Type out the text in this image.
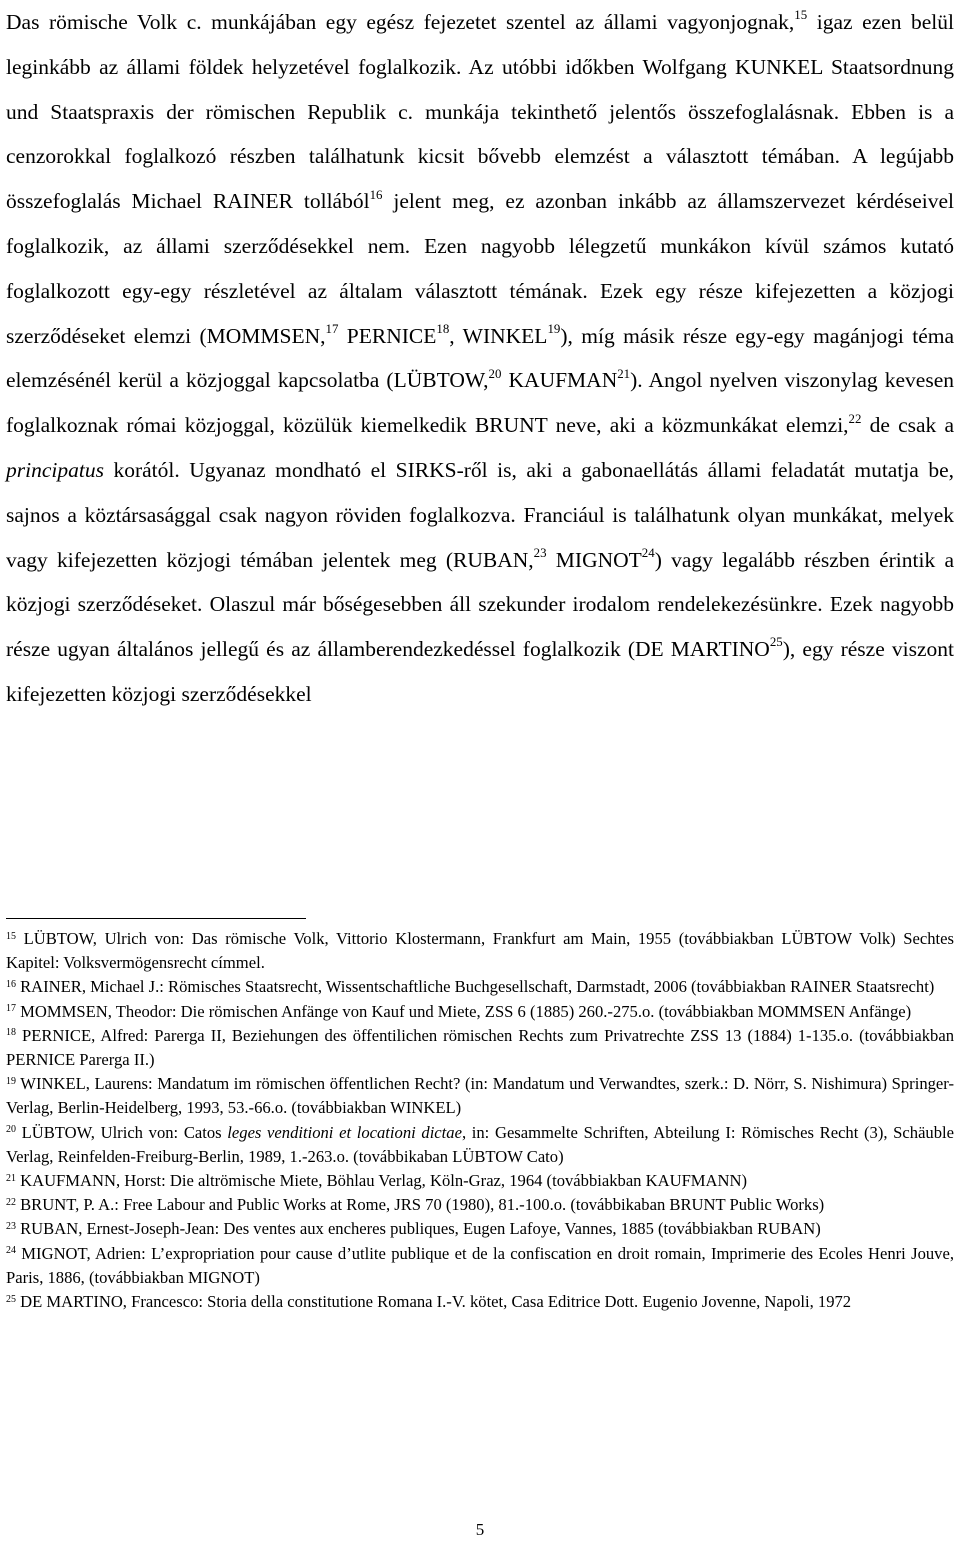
Das römische Volk c. munkájában egy egész fejezetet szentel az állami vagyonjognak,$^{15}$ igaz ezen belül leginkább az állami földek helyzetével foglalkozik. Az utóbbi időkben Wolfgang KUNKEL Staatsordnung und Staatspraxis der römischen Republik c. munkája tekinthető jelentős összefoglalásnak. Ebben is a cenzorokkal foglalkozó részben találhatunk kicsit bővebb elemzést a választott témában. A legújabb összefoglalás Michael RAINER tollából$^{16}$ jelent meg, ez azonban inkább az államszervezet kérdéseivel foglalkozik, az állami szerződésekkel nem. Ezen nagyobb lélegzetű munkákon kívül számos kutató foglalkozott egy-egy részletével az általam választott témának. Ezek egy része kifejezetten a közjogi szerződéseket elemzi (MOMMSEN,$^{17}$ PERNICE$^{18}$, WINKEL$^{19}$), míg másik része egy-egy magánjogi téma elemzésénél kerül a közjoggal kapcsolatba (LÜBTOW,$^{20}$ KAUFMAN$^{21}$). Angol nyelven viszonylag kevesen foglalkoznak római közjoggal, közülük kiemelkedik BRUNT neve, aki a közmunkákat elemzi,$^{22}$ de csak a principatus korától. Ugyanaz mondható el SIRKS-ről is, aki a gabonaellátás állami feladatát mutatja be, sajnos a köztársasággal csak nagyon röviden foglalkozva. Franciául is találhatunk olyan munkákat, melyek vagy kifejezetten közjogi témában jelentek meg (RUBAN,$^{23}$ MIGNOT$^{24}$) vagy legalább részben érintik a közjogi szerződéseket. Olaszul már bőségesebben áll szekunder irodalom rendelekezésünkre. Ezek nagyobb része ugyan általános jellegű és az államberendezkedéssel foglalkozik (DE MARTINO$^{25}$), egy része viszont kifejezetten közjogi szerződésekkel

$^{15}$ LÜBTOW, Ulrich von: Das römische Volk, Vittorio Klostermann, Frankfurt am Main, 1955 (továbbiakban LÜBTOW Volk) Sechtes Kapitel: Volksvermögensrecht címmel.

$^{16}$ RAINER, Michael J.: Römisches Staatsrecht, Wissentschaftliche Buchgesellschaft, Darmstadt, 2006 (továbbiakban RAINER Staatsrecht)

$^{17}$ MOMMSEN, Theodor: Die römischen Anfänge von Kauf und Miete, ZSS 6 (1885) 260.-275.o. (továbbiakban MOMMSEN Anfänge)

$^{18}$ PERNICE, Alfred: Parerga II, Beziehungen des öffentilichen römischen Rechts zum Privatrechte ZSS 13 (1884) 1-135.o. (továbbiakban PERNICE Parerga II.)

$^{19}$ WINKEL, Laurens: Mandatum im römischen öffentlichen Recht? (in: Mandatum und Verwandtes, szerk.: D. Nörr, S. Nishimura) Springer-Verlag, Berlin-Heidelberg, 1993, 53.-66.o. (továbbiakban WINKEL)

$^{20}$ LÜBTOW, Ulrich von: Catos leges venditioni et locationi dictae, in: Gesammelte Schriften, Abteilung I: Römisches Recht (3), Schäuble Verlag, Reinfelden-Freiburg-Berlin, 1989, 1.-263.o. (továbbikaban LÜBTOW Cato)

$^{21}$ KAUFMANN, Horst: Die altrömische Miete, Böhlau Verlag, Köln-Graz, 1964 (továbbiakban KAUFMANN)

$^{22}$ BRUNT, P. A.: Free Labour and Public Works at Rome, JRS 70 (1980), 81.-100.o. (továbbikaban BRUNT Public Works)

$^{23}$ RUBAN, Ernest-Joseph-Jean: Des ventes aux encheres publiques, Eugen Lafoye, Vannes, 1885 (továbbiakban RUBAN)

$^{24}$ MIGNOT, Adrien: L’expropriation pour cause d’utlite publique et de la confiscation en droit romain, Imprimerie des Ecoles Henri Jouve, Paris, 1886, (továbbiakban MIGNOT)

$^{25}$ DE MARTINO, Francesco: Storia della constitutione Romana I.-V. kötet, Casa Editrice Dott. Eugenio Jovenne, Napoli, 1972

5
